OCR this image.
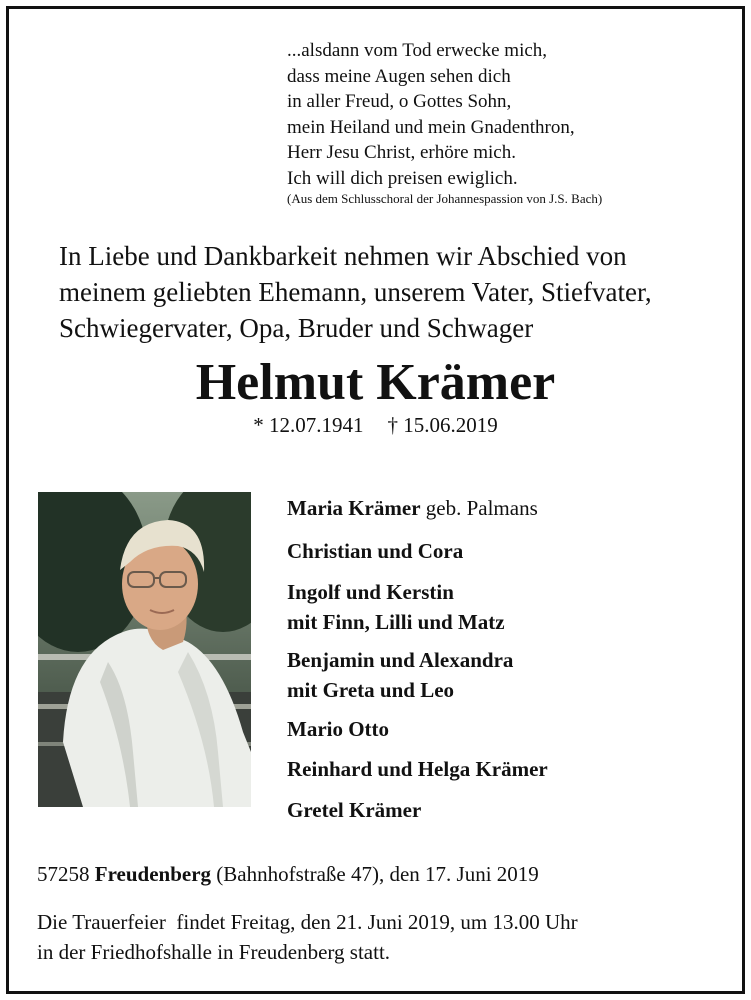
...alsdann vom Tod erwecke mich,
dass meine Augen sehen dich
in aller Freud, o Gottes Sohn,
mein Heiland und mein Gnadenthron,
Herr Jesu Christ, erhöre mich.
Ich will dich preisen ewiglich.
(Aus dem Schlusschoral der Johannespassion von J.S. Bach)
In Liebe und Dankbarkeit nehmen wir Abschied von
meinem geliebten Ehemann, unserem Vater, Stiefvater,
Schwiegervater, Opa, Bruder und Schwager
Helmut Krämer
* 12.07.1941 † 15.06.2019
Maria Krämer geb. Palmans
Christian und Cora
Ingolf und Kerstin
mit Finn, Lilli und Matz
Benjamin und Alexandra
mit Greta und Leo
Mario Otto
Reinhard und Helga Krämer
Gretel Krämer
57258 Freudenberg (Bahnhofstraße 47), den 17. Juni 2019
Die Trauerfeier  findet Freitag, den 21. Juni 2019, um 13.00 Uhr
in der Friedhofshalle in Freudenberg statt.
